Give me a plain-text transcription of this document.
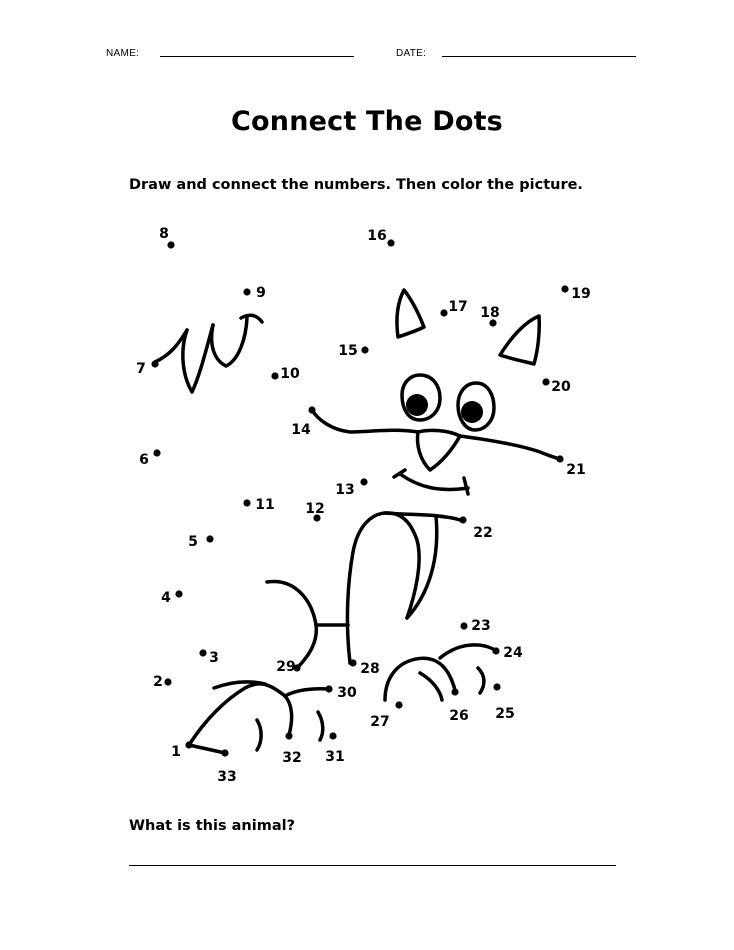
NAME:	DATE:
Connect The Dots
Draw and connect the numbers. Then color the picture.
1
2
3
4
5
6
7
8
9
10
11 12
13
14
15
16
17 18
19
20
21
22
23
24
25
26
27
28
29
30
31
32
33
What is this animal?
